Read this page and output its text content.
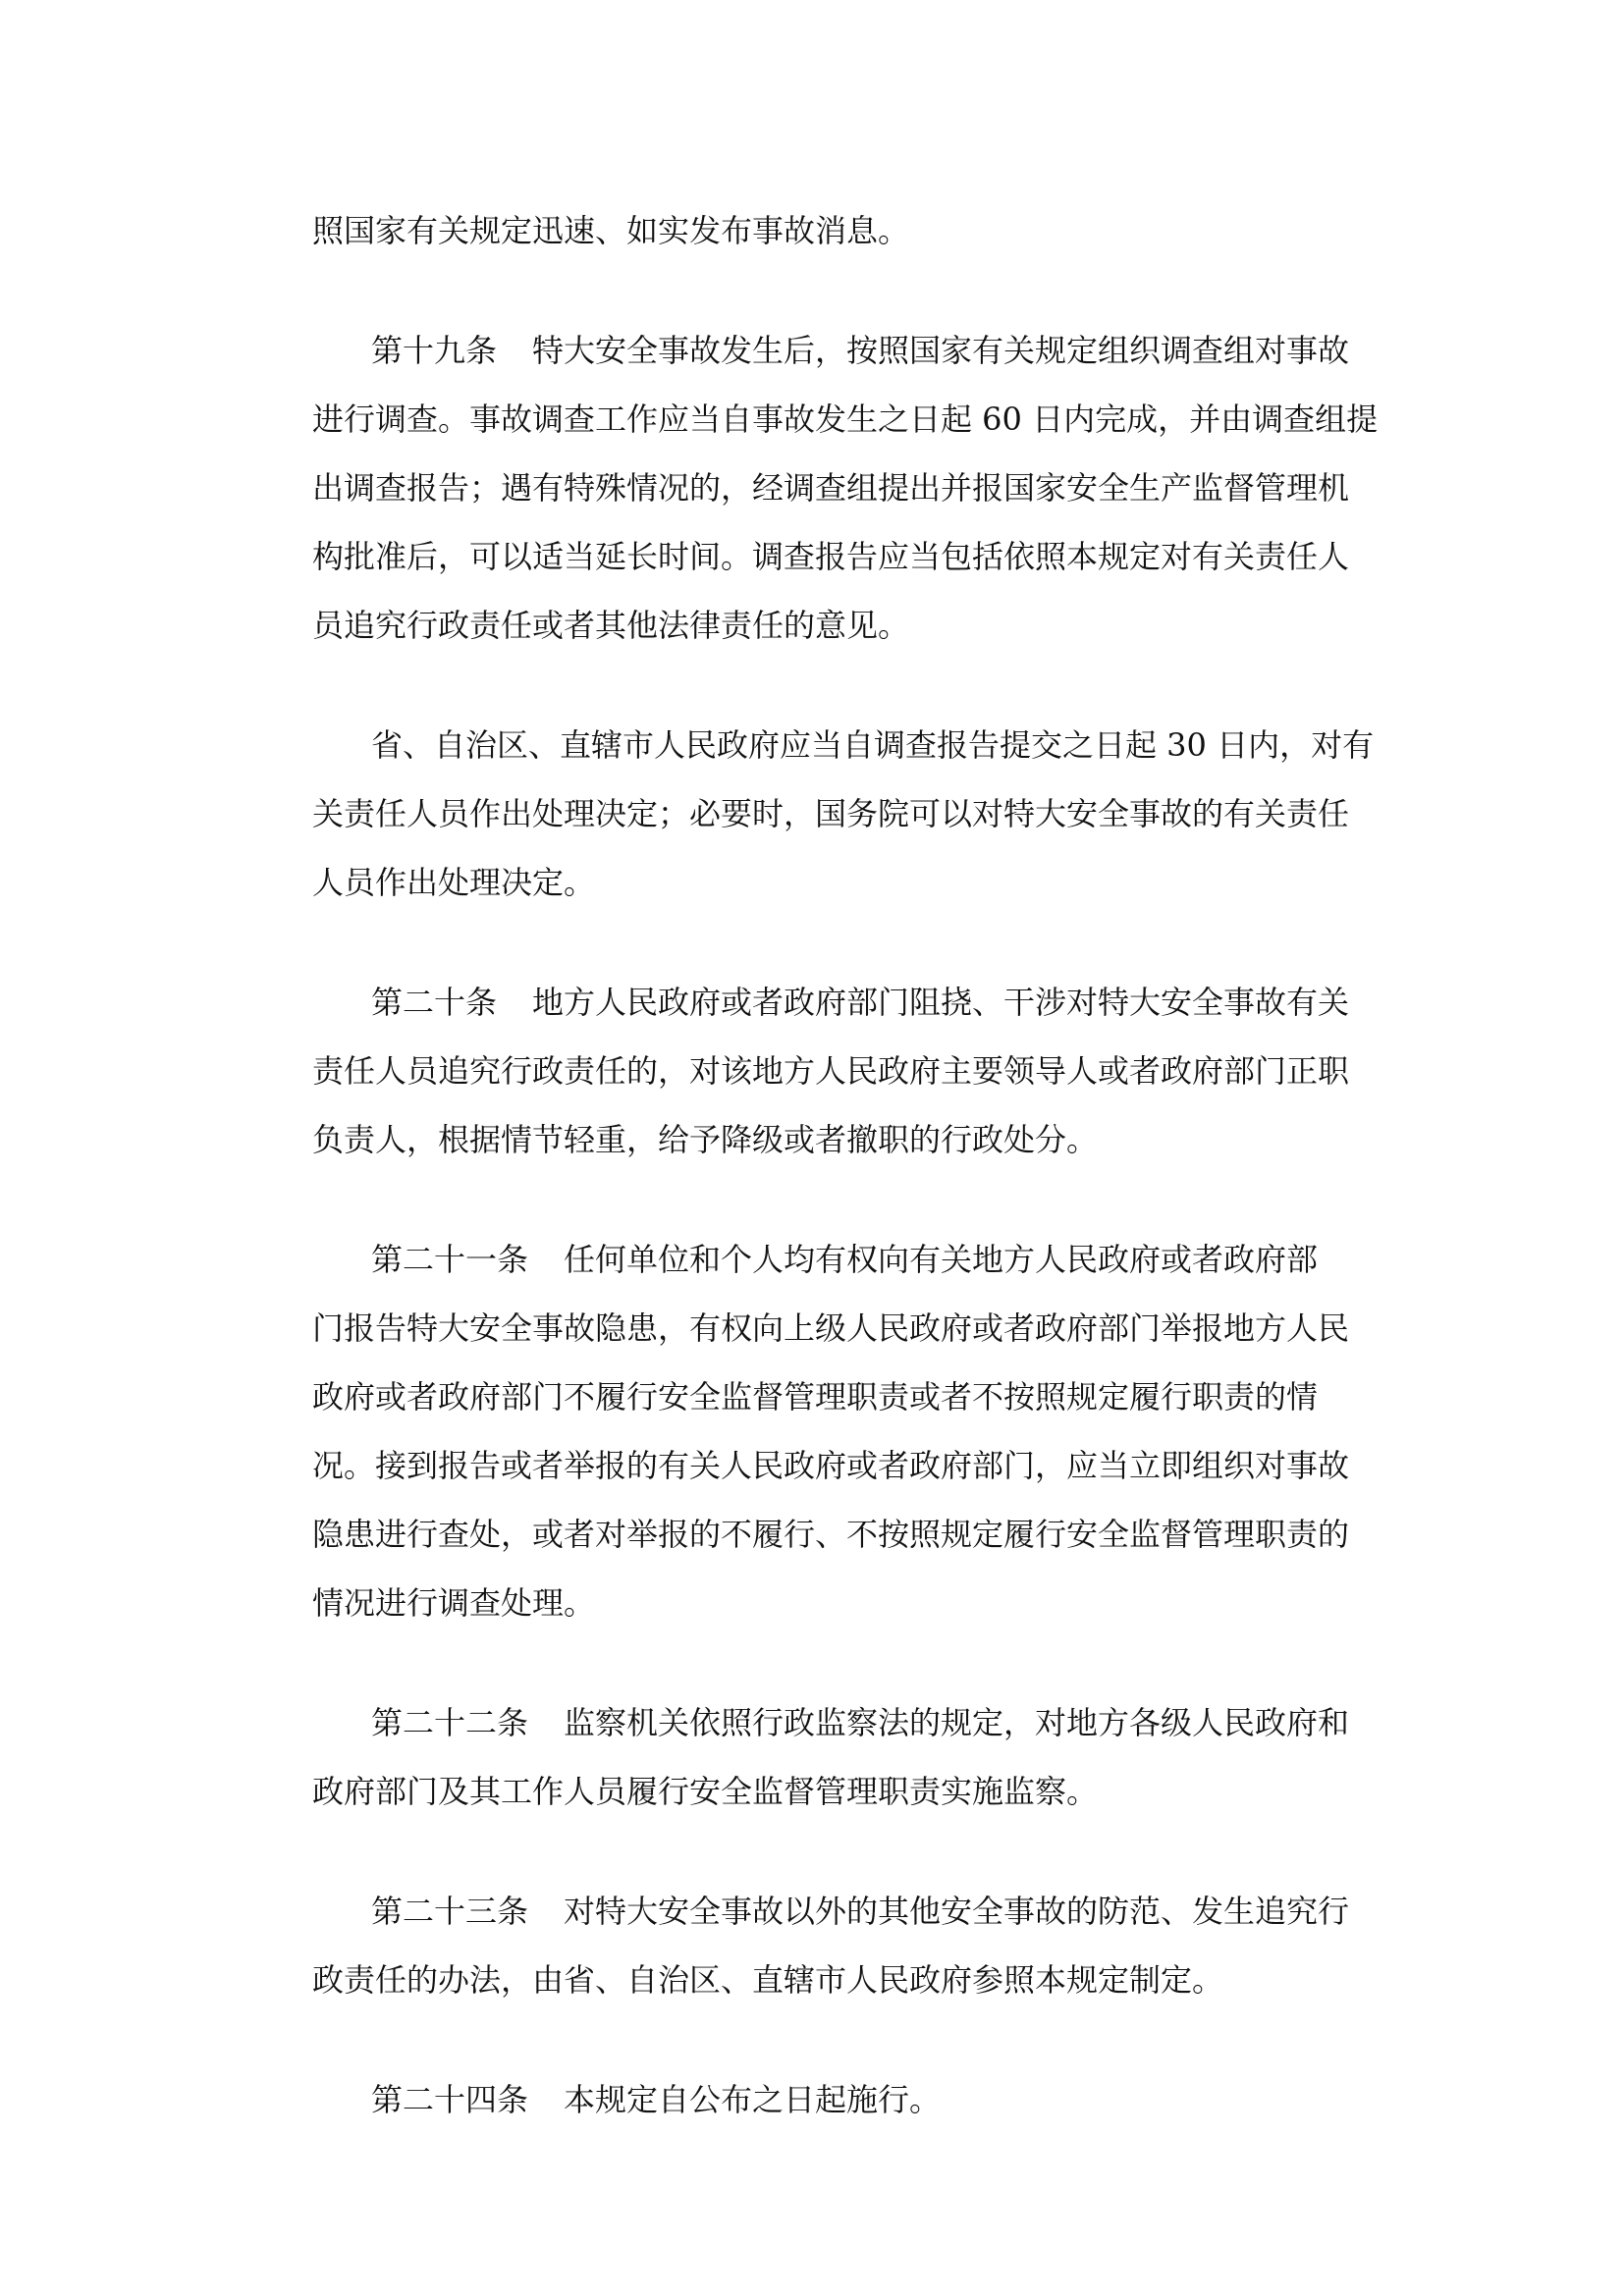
照国家有关规定迅速、如实发布事故消息。

第十九条 特大安全事故发生后，按照国家有关规定组织调查组对事故
进行调查。事故调查工作应当自事故发生之日起 60 日内完成，并由调查组提
出调查报告；遇有特殊情况的，经调查组提出并报国家安全生产监督管理机
构批准后，可以适当延长时间。调查报告应当包括依照本规定对有关责任人
员追究行政责任或者其他法律责任的意见。

省、自治区、直辖市人民政府应当自调查报告提交之日起 30 日内，对有
关责任人员作出处理决定；必要时，国务院可以对特大安全事故的有关责任
人员作出处理决定。

第二十条 地方人民政府或者政府部门阻挠、干涉对特大安全事故有关
责任人员追究行政责任的，对该地方人民政府主要领导人或者政府部门正职
负责人，根据情节轻重，给予降级或者撤职的行政处分。

第二十一条 任何单位和个人均有权向有关地方人民政府或者政府部
门报告特大安全事故隐患，有权向上级人民政府或者政府部门举报地方人民
政府或者政府部门不履行安全监督管理职责或者不按照规定履行职责的情
况。接到报告或者举报的有关人民政府或者政府部门，应当立即组织对事故
隐患进行查处，或者对举报的不履行、不按照规定履行安全监督管理职责的
情况进行调查处理。

第二十二条 监察机关依照行政监察法的规定，对地方各级人民政府和
政府部门及其工作人员履行安全监督管理职责实施监察。

第二十三条 对特大安全事故以外的其他安全事故的防范、发生追究行
政责任的办法，由省、自治区、直辖市人民政府参照本规定制定。

第二十四条 本规定自公布之日起施行。
